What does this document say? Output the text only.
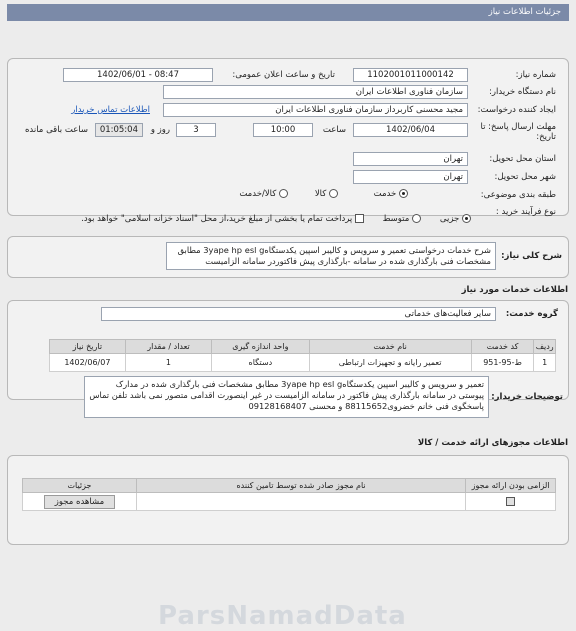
جزئیات اطلاعات نیاز
شماره نیاز:
1102001011000142
تاریخ و ساعت اعلان عمومی:
1402/06/01 - 08:47
نام دستگاه خریدار:
سازمان فناوری اطلاعات ایران
ایجاد کننده درخواست:
مجید محسنی کاربرداز سازمان فناوری اطلاعات ایران
اطلاعات تماس خریدار
مهلت ارسال پاسخ: تا تاریخ:
1402/06/04
ساعت
10:00
3
روز و
01:05:04
ساعت باقی مانده
استان محل تحویل:
تهران
شهر محل تحویل:
تهران
طبقه بندی موضوعی:
کالا	خدمت
کالا/خدمت
نوع فرآیند خرید :
جزیی
متوسط
پرداخت تمام یا بخشی از مبلغ خرید،از محل "اسناد خزانه اسلامی" خواهد بود.
شرح کلی نیاز:
شرح خدمات درخواستی تعمیر و سرویس و کالیبر اسپین یکدستگاه3yape hp esl g مطابق مشخصات فنی بارگذاری شده در سامانه -بارگذاری پیش فاکتوردر سامانه الزامیست
اطلاعات خدمات مورد نیاز
گروه خدمت:
سایر فعالیت‌های خدماتی
ردیف	کد خدمت	نام خدمت	واحد اندازه گیری	تعداد / مقدار	تاریخ نیاز
1	ط-95-951	تعمیر رایانه و تجهیزات ارتباطی	دستگاه	1	1402/06/07
ParsNamadData
توضیحات خریدار:
تعمیر و سرویس و کالیبر اسپین یکدستگاه3yape hp esl g مطابق مشخصات فنی بارگذاری شده در مدارک پیوستی در سامانه بارگذاری پیش فاکتور در سامانه الزامیست در غیر اینصورت اقدامی متصور نمی باشد تلفن تماس پاسخگوی فنی خانم خضروی88115652 و محسنی 09128168407
اطلاعات مجوزهای ارائه خدمت / کالا
الزامی بودن ارائه مجوز	نام مجوز صادر شده توسط تامین کننده	جزئیات
		مشاهده مجوز
